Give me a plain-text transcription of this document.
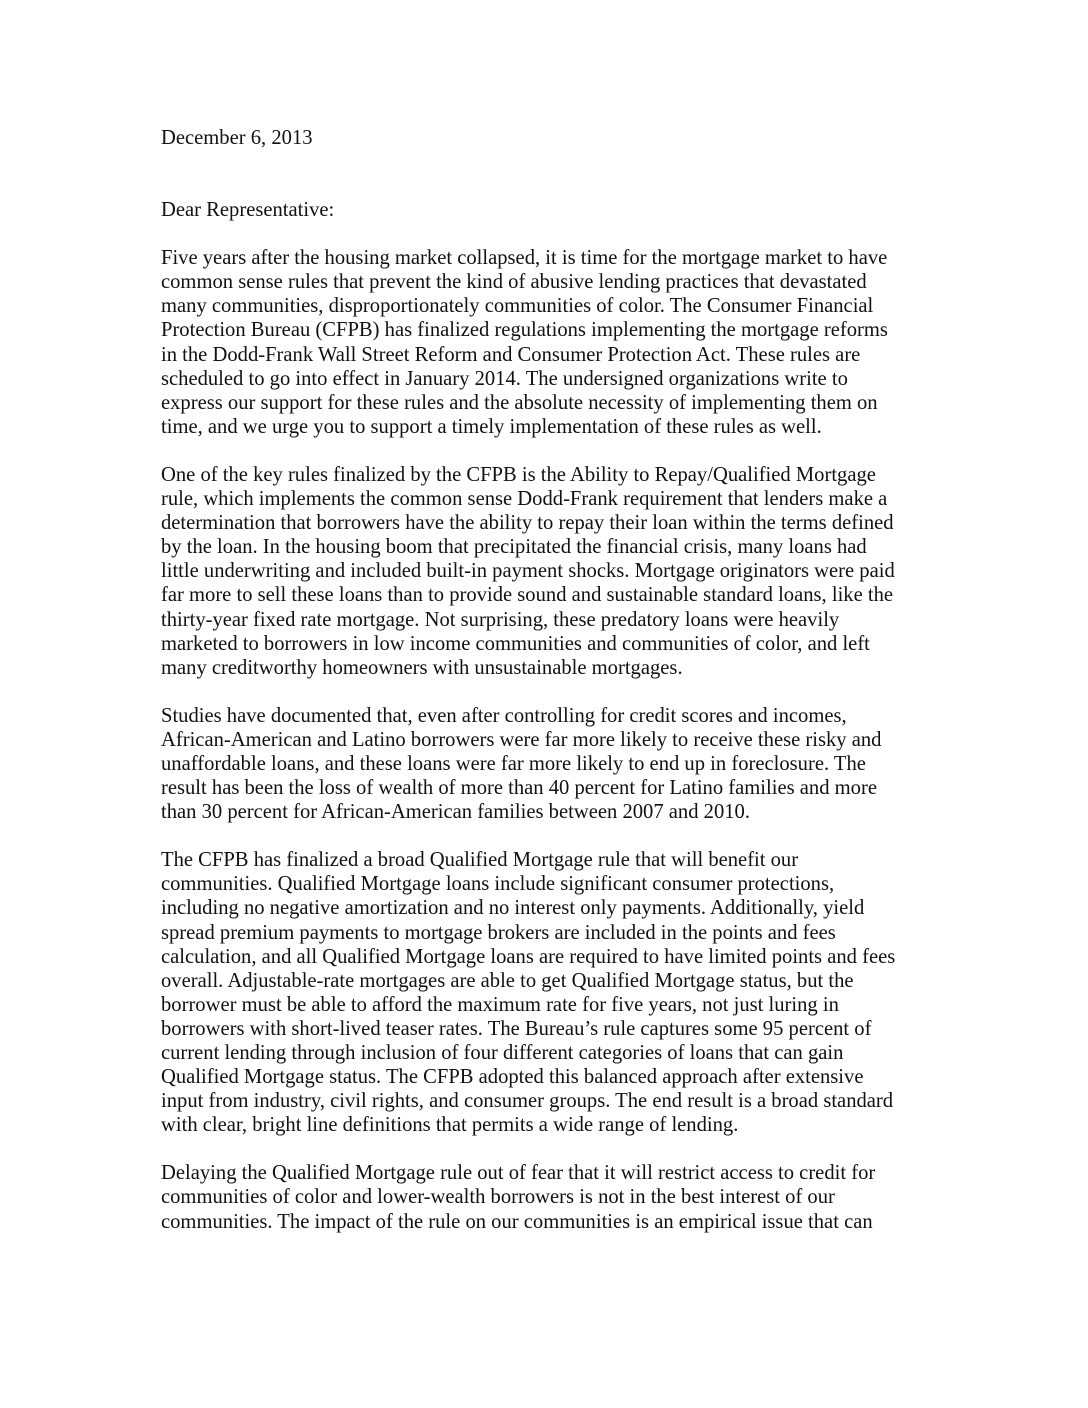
December 6, 2013

Dear Representative:

Five years after the housing market collapsed, it is time for the mortgage market to have
common sense rules that prevent the kind of abusive lending practices that devastated
many communities, disproportionately communities of color. The Consumer Financial
Protection Bureau (CFPB) has finalized regulations implementing the mortgage reforms
in the Dodd-Frank Wall Street Reform and Consumer Protection Act. These rules are
scheduled to go into effect in January 2014. The undersigned organizations write to
express our support for these rules and the absolute necessity of implementing them on
time, and we urge you to support a timely implementation of these rules as well.

One of the key rules finalized by the CFPB is the Ability to Repay/Qualified Mortgage
rule, which implements the common sense Dodd-Frank requirement that lenders make a
determination that borrowers have the ability to repay their loan within the terms defined
by the loan. In the housing boom that precipitated the financial crisis, many loans had
little underwriting and included built-in payment shocks. Mortgage originators were paid
far more to sell these loans than to provide sound and sustainable standard loans, like the
thirty-year fixed rate mortgage. Not surprising, these predatory loans were heavily
marketed to borrowers in low income communities and communities of color, and left
many creditworthy homeowners with unsustainable mortgages.

Studies have documented that, even after controlling for credit scores and incomes,
African-American and Latino borrowers were far more likely to receive these risky and
unaffordable loans, and these loans were far more likely to end up in foreclosure. The
result has been the loss of wealth of more than 40 percent for Latino families and more
than 30 percent for African-American families between 2007 and 2010.

The CFPB has finalized a broad Qualified Mortgage rule that will benefit our
communities. Qualified Mortgage loans include significant consumer protections,
including no negative amortization and no interest only payments. Additionally, yield
spread premium payments to mortgage brokers are included in the points and fees
calculation, and all Qualified Mortgage loans are required to have limited points and fees
overall. Adjustable-rate mortgages are able to get Qualified Mortgage status, but the
borrower must be able to afford the maximum rate for five years, not just luring in
borrowers with short-lived teaser rates. The Bureau’s rule captures some 95 percent of
current lending through inclusion of four different categories of loans that can gain
Qualified Mortgage status. The CFPB adopted this balanced approach after extensive
input from industry, civil rights, and consumer groups. The end result is a broad standard
with clear, bright line definitions that permits a wide range of lending.

Delaying the Qualified Mortgage rule out of fear that it will restrict access to credit for
communities of color and lower-wealth borrowers is not in the best interest of our
communities. The impact of the rule on our communities is an empirical issue that can
